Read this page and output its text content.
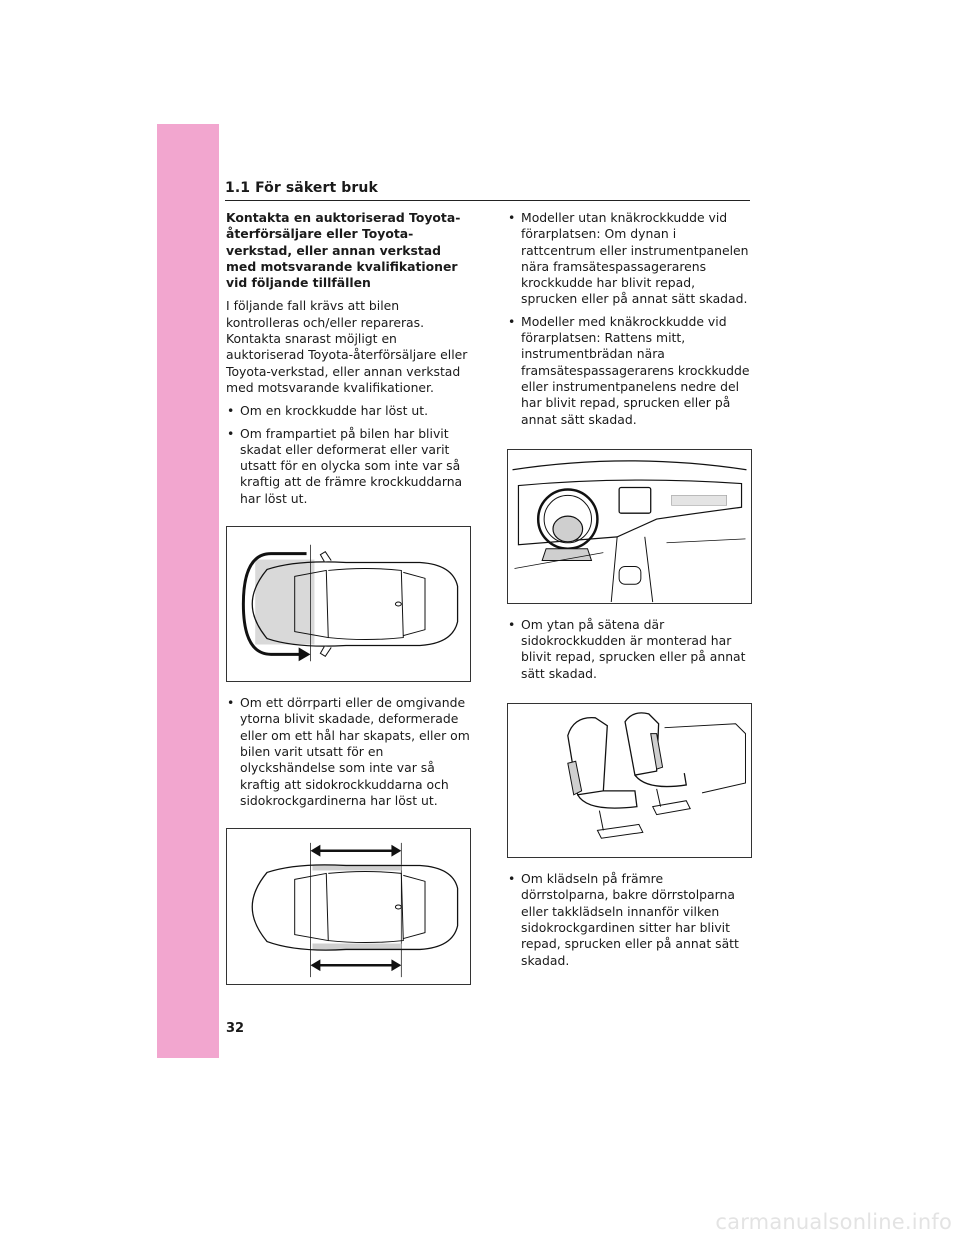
1.1 För säkert bruk

Kontakta en auktoriserad Toyota-återförsäljare eller Toyota-verkstad, eller annan verkstad med motsvarande kvalifikationer vid följande tillfällen

I följande fall krävs att bilen kontrolleras och/eller repareras. Kontakta snarast möjligt en auktoriserad Toyota-återförsäljare eller Toyota-verkstad, eller annan verkstad med motsvarande kvalifikationer.

• Om en krockkudde har löst ut.
• Om frampartiet på bilen har blivit skadat eller deformerat eller varit utsatt för en olycka som inte var så kraftig att de främre krockkuddarna har löst ut.
• Om ett dörrparti eller de omgivande ytorna blivit skadade, deformerade eller om ett hål har skapats, eller om bilen varit utsatt för en olyckshändelse som inte var så kraftig att sidokrockkuddarna och sidokrockgardinerna har löst ut.
• Modeller utan knäkrockkudde vid förarplatsen: Om dynan i rattcentrum eller instrumentpanelen nära framsätespassagerarens krockkudde har blivit repad, sprucken eller på annat sätt skadad.
• Modeller med knäkrockkudde vid förarplatsen: Rattens mitt, instrumentbrädan nära framsätespassagerarens krockkudde eller instrumentpanelens nedre del har blivit repad, sprucken eller på annat sätt skadad.
• Om ytan på sätena där sidokrockkudden är monterad har blivit repad, sprucken eller på annat sätt skadad.
• Om klädseln på främre dörrstolparna, bakre dörrstolparna eller takklädseln innanför vilken sidokrockgardinen sitter har blivit repad, sprucken eller på annat sätt skadad.
32
carmanualsonline.info
